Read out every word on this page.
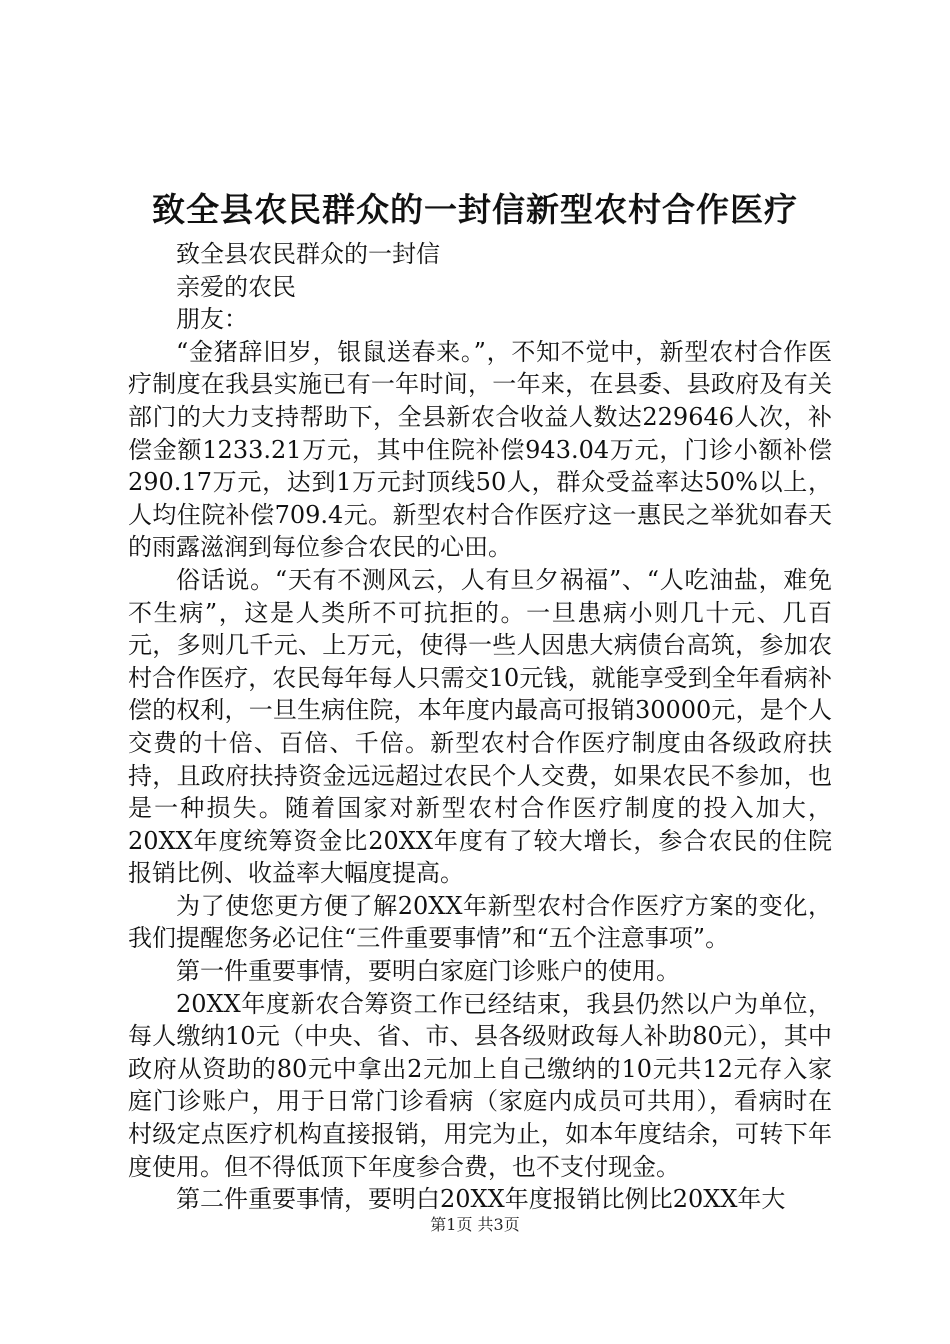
致全县农民群众的一封信新型农村合作医疗

致全县农民群众的一封信

亲爱的农民

朋友：

“金猪辞旧岁，银鼠送春来。”，不知不觉中，新型农村合作医疗制度在我县实施已有一年时间，一年来，在县委、县政府及有关部门的大力支持帮助下，全县新农合收益人数达229646人次，补偿金额1233.21万元，其中住院补偿943.04万元，门诊小额补偿290.17万元，达到1万元封顶线50人，群众受益率达50%以上，人均住院补偿709.4元。新型农村合作医疗这一惠民之举犹如春天的雨露滋润到每位参合农民的心田。

俗话说。“天有不测风云，人有旦夕祸福”、“人吃油盐，难免不生病”，这是人类所不可抗拒的。一旦患病小则几十元、几百元，多则几千元、上万元，使得一些人因患大病债台高筑，参加农村合作医疗，农民每年每人只需交10元钱，就能享受到全年看病补偿的权利，一旦生病住院，本年度内最高可报销30000元，是个人交费的十倍、百倍、千倍。新型农村合作医疗制度由各级政府扶持，且政府扶持资金远远超过农民个人交费，如果农民不参加，也是一种损失。随着国家对新型农村合作医疗制度的投入加大，20XX年度统筹资金比20XX年度有了较大增长，参合农民的住院报销比例、收益率大幅度提高。

为了使您更方便了解20XX年新型农村合作医疗方案的变化，我们提醒您务必记住“三件重要事情”和“五个注意事项”。

第一件重要事情，要明白家庭门诊账户的使用。

20XX年度新农合筹资工作已经结束，我县仍然以户为单位，每人缴纳10元（中央、省、市、县各级财政每人补助80元），其中政府从资助的80元中拿出2元加上自己缴纳的10元共12元存入家庭门诊账户，用于日常门诊看病（家庭内成员可共用），看病时在村级定点医疗机构直接报销，用完为止，如本年度结余，可转下年度使用。但不得低顶下年度参合费，也不支付现金。

第二件重要事情，要明白20XX年度报销比例比20XX年大

第1页 共3页
